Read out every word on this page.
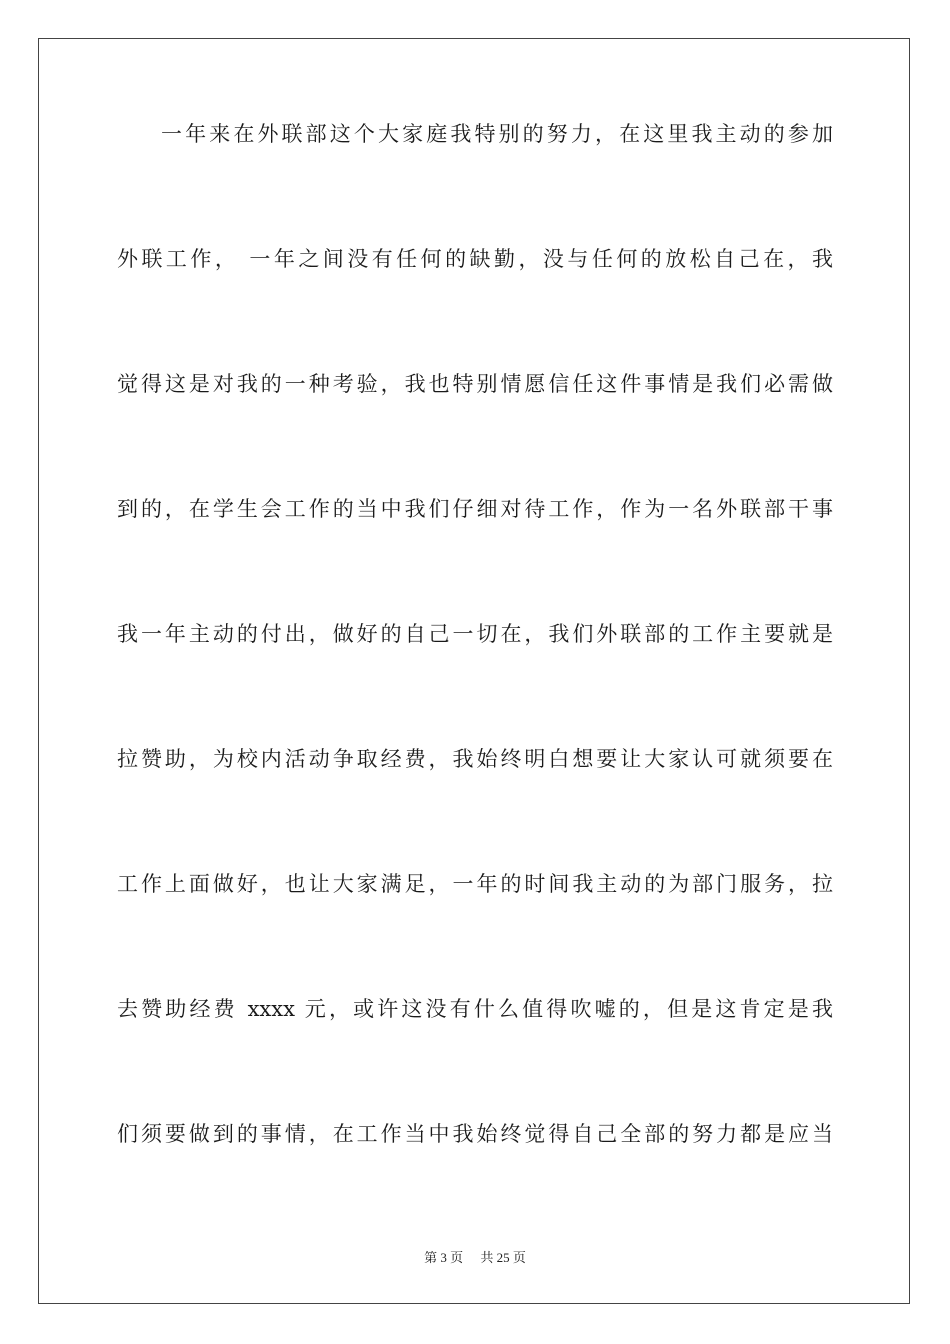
一年来在外联部这个大家庭我特别的努力，在这里我主动的参加
外联工作， 一年之间没有任何的缺勤，没与任何的放松自己在，我
觉得这是对我的一种考验，我也特别情愿信任这件事情是我们必需做
到的，在学生会工作的当中我们仔细对待工作，作为一名外联部干事
我一年主动的付出，做好的自己一切在，我们外联部的工作主要就是
拉赞助，为校内活动争取经费，我始终明白想要让大家认可就须要在
工作上面做好，也让大家满足，一年的时间我主动的为部门服务，拉
去赞助经费 xxxx 元，或许这没有什么值得吹嘘的，但是这肯定是我
们须要做到的事情，在工作当中我始终觉得自己全部的努力都是应当
第 3 页 共 25 页
